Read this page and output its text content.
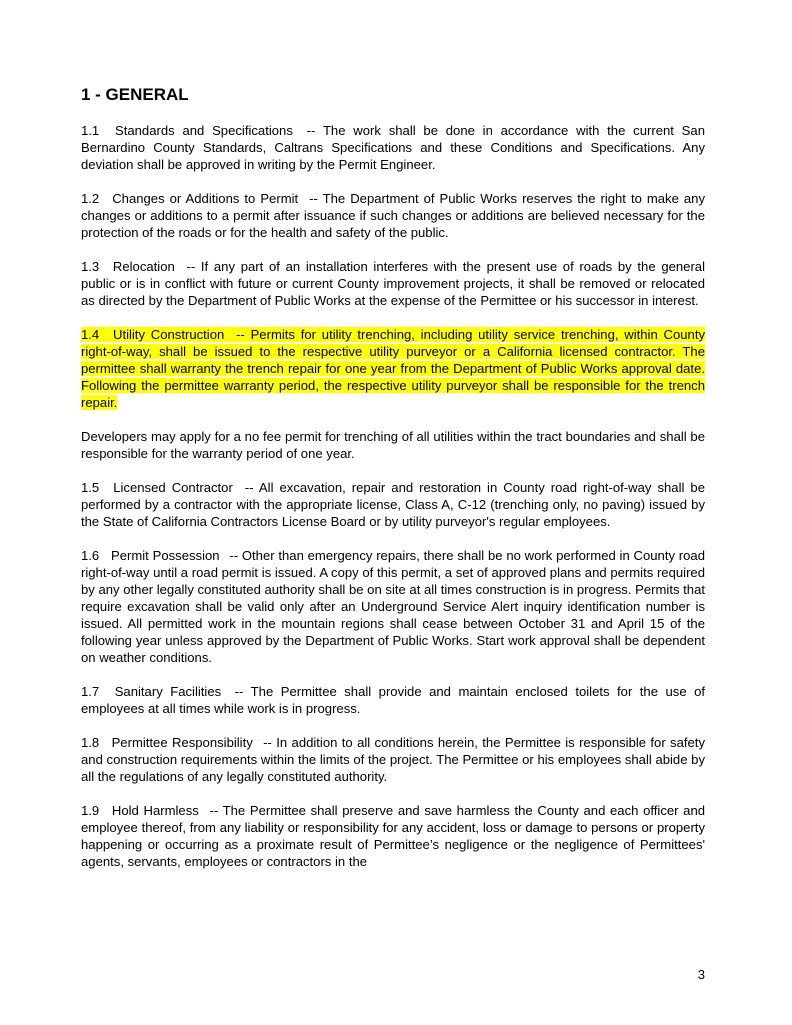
1 - GENERAL

1.1 Standards and Specifications -- The work shall be done in accordance with the current San Bernardino County Standards, Caltrans Specifications and these Conditions and Specifications. Any deviation shall be approved in writing by the Permit Engineer.

1.2 Changes or Additions to Permit -- The Department of Public Works reserves the right to make any changes or additions to a permit after issuance if such changes or additions are believed necessary for the protection of the roads or for the health and safety of the public.

1.3 Relocation -- If any part of an installation interferes with the present use of roads by the general public or is in conflict with future or current County improvement projects, it shall be removed or relocated as directed by the Department of Public Works at the expense of the Permittee or his successor in interest.

1.4 Utility Construction -- Permits for utility trenching, including utility service trenching, within County right-of-way, shall be issued to the respective utility purveyor or a California licensed contractor. The permittee shall warranty the trench repair for one year from the Department of Public Works approval date. Following the permittee warranty period, the respective utility purveyor shall be responsible for the trench repair.

Developers may apply for a no fee permit for trenching of all utilities within the tract boundaries and shall be responsible for the warranty period of one year.

1.5 Licensed Contractor -- All excavation, repair and restoration in County road right-of-way shall be performed by a contractor with the appropriate license, Class A, C-12 (trenching only, no paving) issued by the State of California Contractors License Board or by utility purveyor's regular employees.

1.6 Permit Possession -- Other than emergency repairs, there shall be no work performed in County road right-of-way until a road permit is issued. A copy of this permit, a set of approved plans and permits required by any other legally constituted authority shall be on site at all times construction is in progress. Permits that require excavation shall be valid only after an Underground Service Alert inquiry identification number is issued. All permitted work in the mountain regions shall cease between October 31 and April 15 of the following year unless approved by the Department of Public Works. Start work approval shall be dependent on weather conditions.

1.7 Sanitary Facilities -- The Permittee shall provide and maintain enclosed toilets for the use of employees at all times while work is in progress.

1.8 Permittee Responsibility -- In addition to all conditions herein, the Permittee is responsible for safety and construction requirements within the limits of the project. The Permittee or his employees shall abide by all the regulations of any legally constituted authority.

1.9 Hold Harmless -- The Permittee shall preserve and save harmless the County and each officer and employee thereof, from any liability or responsibility for any accident, loss or damage to persons or property happening or occurring as a proximate result of Permittee’s negligence or the negligence of Permittees' agents, servants, employees or contractors in the

3
